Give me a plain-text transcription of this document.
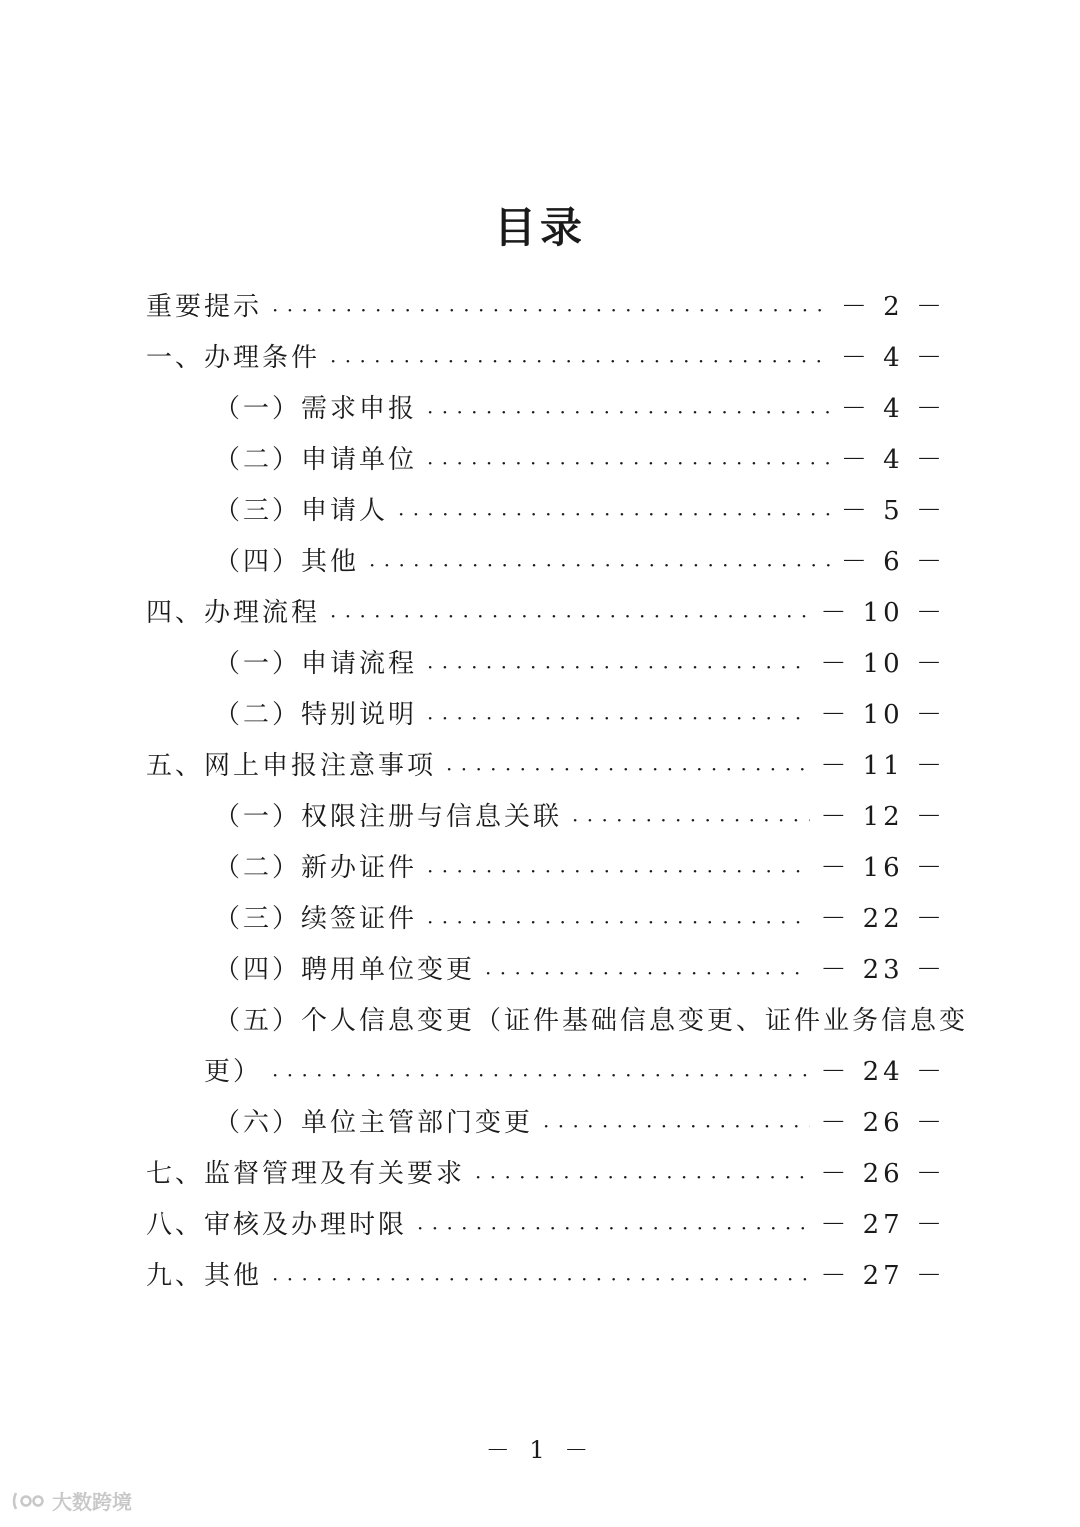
目录
重要提示 · · ·	－ 2 －
一、办理条件 · · ·	－ 4 －
（一）需求申报 · · ·	－ 4 －
（二）申请单位 · · ·	－ 4 －
（三）申请人 · · ·	－ 5 －
（四）其他 · · ·	－ 6 －
四、办理流程 · · ·	－ 10 －
（一）申请流程 · · ·	－ 10 －
（二）特别说明 · · ·	－ 10 －
五、网上申报注意事项 · · ·	－ 11 －
（一）权限注册与信息关联 · · ·	－ 12 －
（二）新办证件 · · ·	－ 16 －
（三）续签证件 · · ·	－ 22 －
（四）聘用单位变更 · · ·	－ 23 －
（五）个人信息变更（证件基础信息变更、证件业务信息变
更） · · ·	－ 24 －
（六）单位主管部门变更 · · ·	－ 26 －
七、监督管理及有关要求 · · ·	－ 26 －
八、审核及办理时限 · · ·	－ 27 －
九、其他 · · ·	－ 27 －
－ 1 －
大数跨境
